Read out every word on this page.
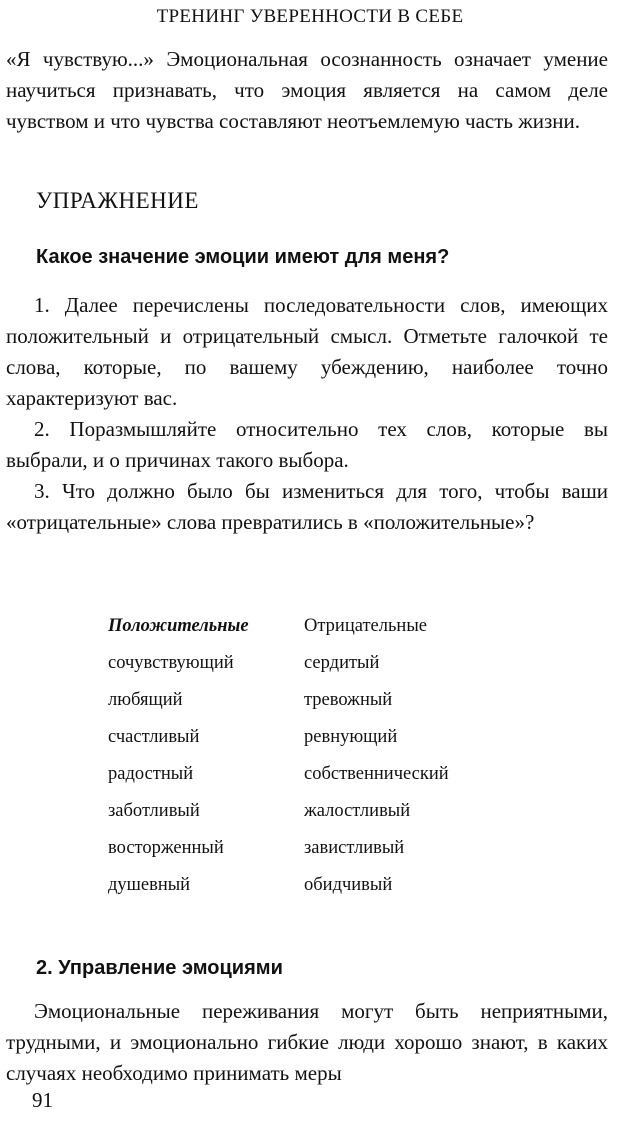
ТРЕНИНГ УВЕРЕННОСТИ В СЕБЕ

«Я чувствую...» Эмоциональная осознанность означает умение научиться признавать, что эмоция является на самом деле чувством и что чувства составляют неотъемлемую часть жизни.

УПРАЖНЕНИЕ
Какое значение эмоции имеют для меня?

1. Далее перечислены последовательности слов, имеющих положительный и отрицательный смысл. Отметьте галочкой те слова, которые, по вашему убеждению, наиболее точно характеризуют вас.

2. Поразмышляйте относительно тех слов, которые вы выбрали, и о причинах такого выбора.

3. Что должно было бы измениться для того, чтобы ваши «отрицательные» слова превратились в «положительные»?

Положительные	Отрицательные
сочувствующий	сердитый
любящий	тревожный
счастливый	ревнующий
радостный	собственнический
заботливый	жалостливый
восторженный	завистливый
душевный	обидчивый
2. Управление эмоциями

Эмоциональные переживания могут быть неприятными, трудными, и эмоционально гибкие люди хорошо знают, в каких случаях необходимо принимать меры

91
